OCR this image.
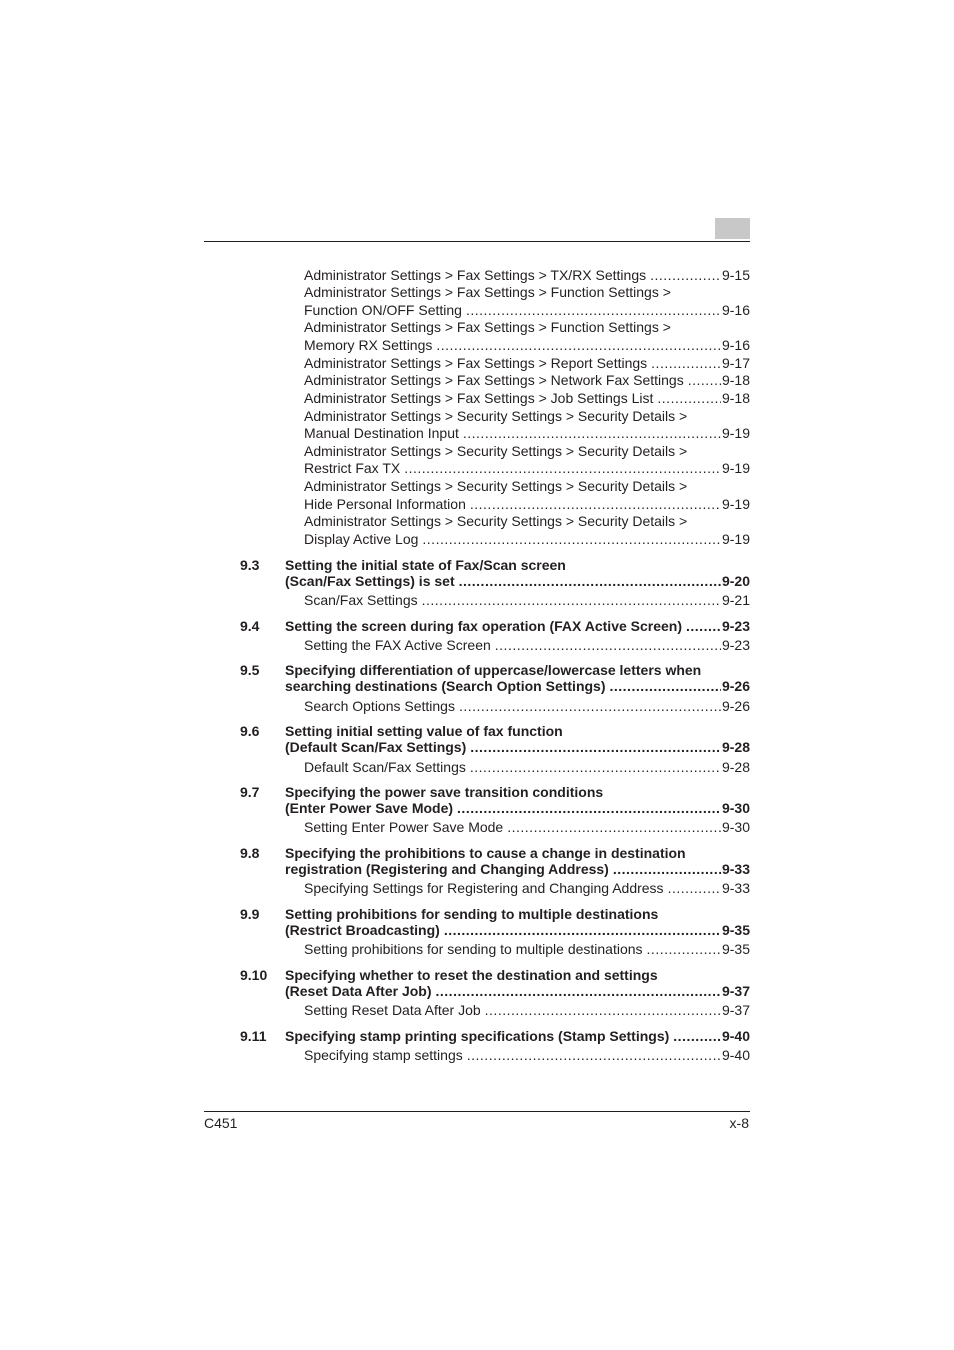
Administrator Settings > Fax Settings > TX/RX Settings .....	9-15
Administrator Settings > Fax Settings > Function Settings >
Function ON/OFF Setting .....	9-16
Administrator Settings > Fax Settings > Function Settings >
Memory RX Settings .....	9-16
Administrator Settings > Fax Settings > Report Settings .....	9-17
Administrator Settings > Fax Settings > Network Fax Settings .....	9-18
Administrator Settings > Fax Settings > Job Settings List .....	9-18
Administrator Settings > Security Settings > Security Details >
Manual Destination Input .....	9-19
Administrator Settings > Security Settings > Security Details >
Restrict Fax TX .....	9-19
Administrator Settings > Security Settings > Security Details >
Hide Personal Information .....	9-19
Administrator Settings > Security Settings > Security Details >
Display Active Log .....	9-19
9.3 Setting the initial state of Fax/Scan screen
(Scan/Fax Settings) is set .....	9-20
Scan/Fax Settings .....	9-21
9.4 Setting the screen during fax operation (FAX Active Screen) .....	9-23
Setting the FAX Active Screen .....	9-23
9.5 Specifying differentiation of uppercase/lowercase letters when
searching destinations (Search Option Settings) .....	9-26
Search Options Settings .....	9-26
9.6 Setting initial setting value of fax function
(Default Scan/Fax Settings) .....	9-28
Default Scan/Fax Settings .....	9-28
9.7 Specifying the power save transition conditions
(Enter Power Save Mode) .....	9-30
Setting Enter Power Save Mode .....	9-30
9.8 Specifying the prohibitions to cause a change in destination
registration (Registering and Changing Address) .....	9-33
Specifying Settings for Registering and Changing Address .....	9-33
9.9 Setting prohibitions for sending to multiple destinations
(Restrict Broadcasting) .....	9-35
Setting prohibitions for sending to multiple destinations .....	9-35
9.10 Specifying whether to reset the destination and settings
(Reset Data After Job) .....	9-37
Setting Reset Data After Job .....	9-37
9.11 Specifying stamp printing specifications (Stamp Settings) .....	9-40
Specifying stamp settings .....	9-40
C451	x-8
